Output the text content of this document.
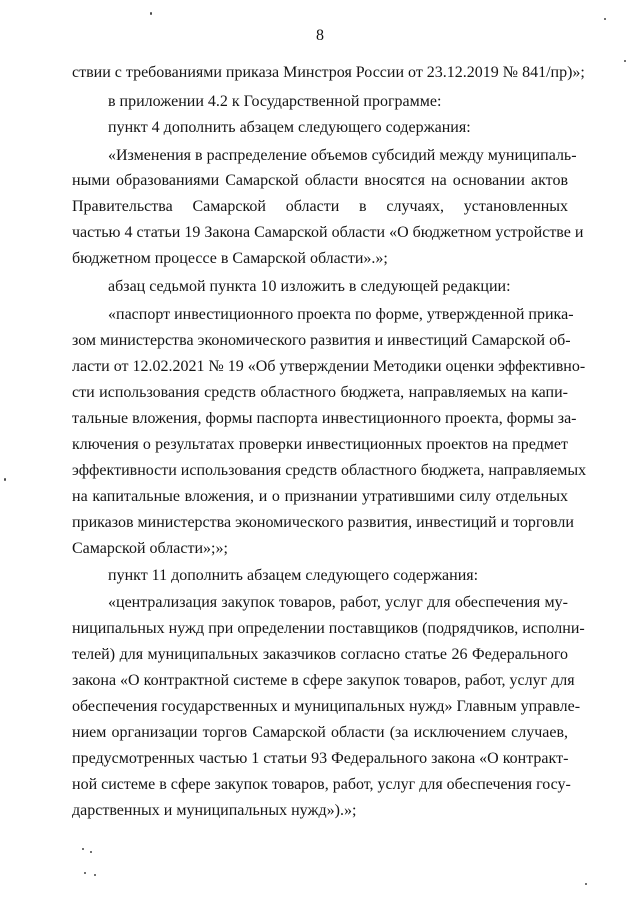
8
ствии с требованиями приказа Минстроя России от 23.12.2019 № 841/пр)»;
в приложении 4.2 к Государственной программе:
пункт 4 дополнить абзацем следующего содержания:
«Изменения в распределение объемов субсидий между муниципаль-
ными образованиями Самарской области вносятся на основании актов
Правительства Самарской области в случаях, установленных
частью 4 статьи 19 Закона Самарской области «О бюджетном устройстве и
бюджетном процессе в Самарской области».»;
абзац седьмой пункта 10 изложить в следующей редакции:
«паспорт инвестиционного проекта по форме, утвержденной прика-
зом министерства экономического развития и инвестиций Самарской об-
ласти от 12.02.2021 № 19 «Об утверждении Методики оценки эффективно-
сти использования средств областного бюджета, направляемых на капи-
тальные вложения, формы паспорта инвестиционного проекта, формы за-
ключения о результатах проверки инвестиционных проектов на предмет
эффективности использования средств областного бюджета, направляемых
на капитальные вложения, и о признании утратившими силу отдельных
приказов министерства экономического развития, инвестиций и торговли
Самарской области»;»;
пункт 11 дополнить абзацем следующего содержания:
«централизация закупок товаров, работ, услуг для обеспечения му-
ниципальных нужд при определении поставщиков (подрядчиков, исполни-
телей) для муниципальных заказчиков согласно статье 26 Федерального
закона «О контрактной системе в сфере закупок товаров, работ, услуг для
обеспечения государственных и муниципальных нужд» Главным управле-
нием организации торгов Самарской области (за исключением случаев,
предусмотренных частью 1 статьи 93 Федерального закона «О контракт-
ной системе в сфере закупок товаров, работ, услуг для обеспечения госу-
дарственных и муниципальных нужд»).»;
